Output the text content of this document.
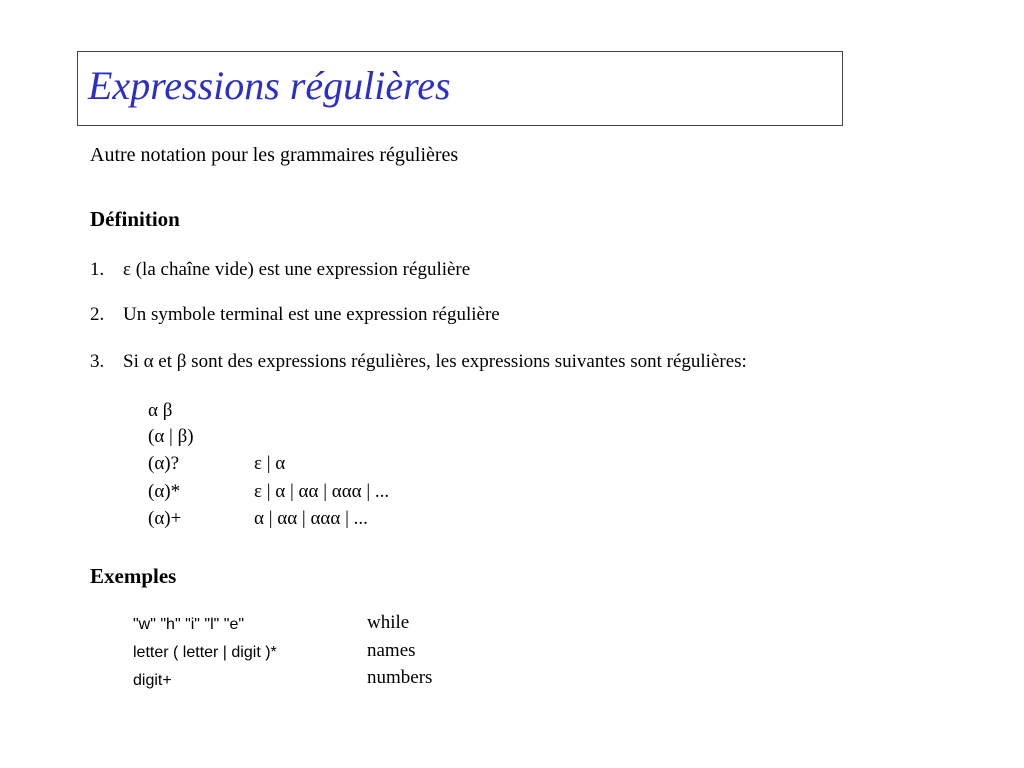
Expressions régulières
Autre notation pour les grammaires régulières
Définition
1. ε (la chaîne vide) est une expression régulière
2. Un symbole terminal est une expression régulière
3. Si α et β sont des expressions régulières, les expressions suivantes sont régulières:
α β
(α | β)
(α)?	ε | α
(α)*	ε | α | αα | ααα | ...
(α)+	α | αα | ααα | ...
Exemples
"w" "h" "i" "l" "e"	while
letter ( letter | digit )*	names
digit+	numbers
